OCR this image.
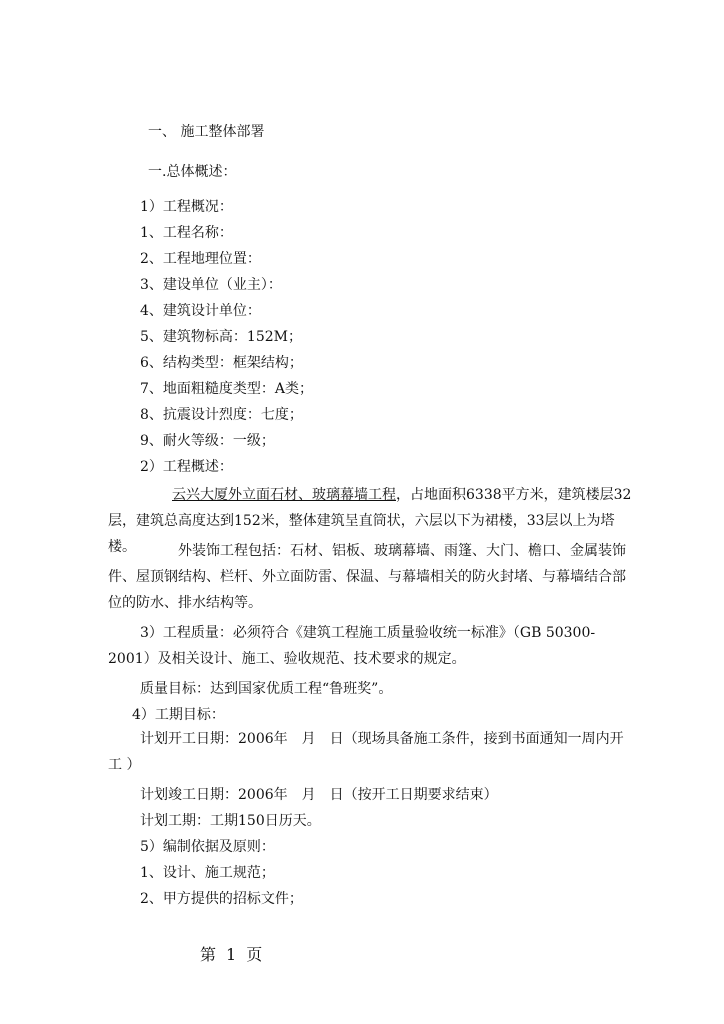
一、 施工整体部署
一.总体概述：
1）工程概况：
1、工程名称：
2、工程地理位置：
3、建设单位（业主）：
4、建筑设计单位：
5、建筑物标高：152M；
6、结构类型：框架结构；
7、地面粗糙度类型：A类；
8、抗震设计烈度：七度；
9、耐火等级：一级；
2）工程概述：
云兴大厦外立面石材、玻璃幕墙工程，占地面积6338平方米，建筑楼层32层，建筑总高度达到152米，整体建筑呈直筒状，六层以下为裙楼，33层以上为塔楼。	外装饰工程包括：石材、铝板、玻璃幕墙、雨篷、大门、檐口、金属装饰件、屋顶钢结构、栏杆、外立面防雷、保温、与幕墙相关的防火封堵、与幕墙结合部位的防水、排水结构等。
3）工程质量：必须符合《建筑工程施工质量验收统一标准》（GB 50300-2001）及相关设计、施工、验收规范、技术要求的规定。
质量目标：达到国家优质工程“鲁班奖”。
4）工期目标：
计划开工日期：2006年　月　日（现场具备施工条件，接到书面通知一周内开工 ）
计划竣工日期：2006年　月　日（按开工日期要求结束）
计划工期：工期150日历天。
5）编制依据及原则：
1、设计、施工规范；
2、甲方提供的招标文件；
第 1 页
